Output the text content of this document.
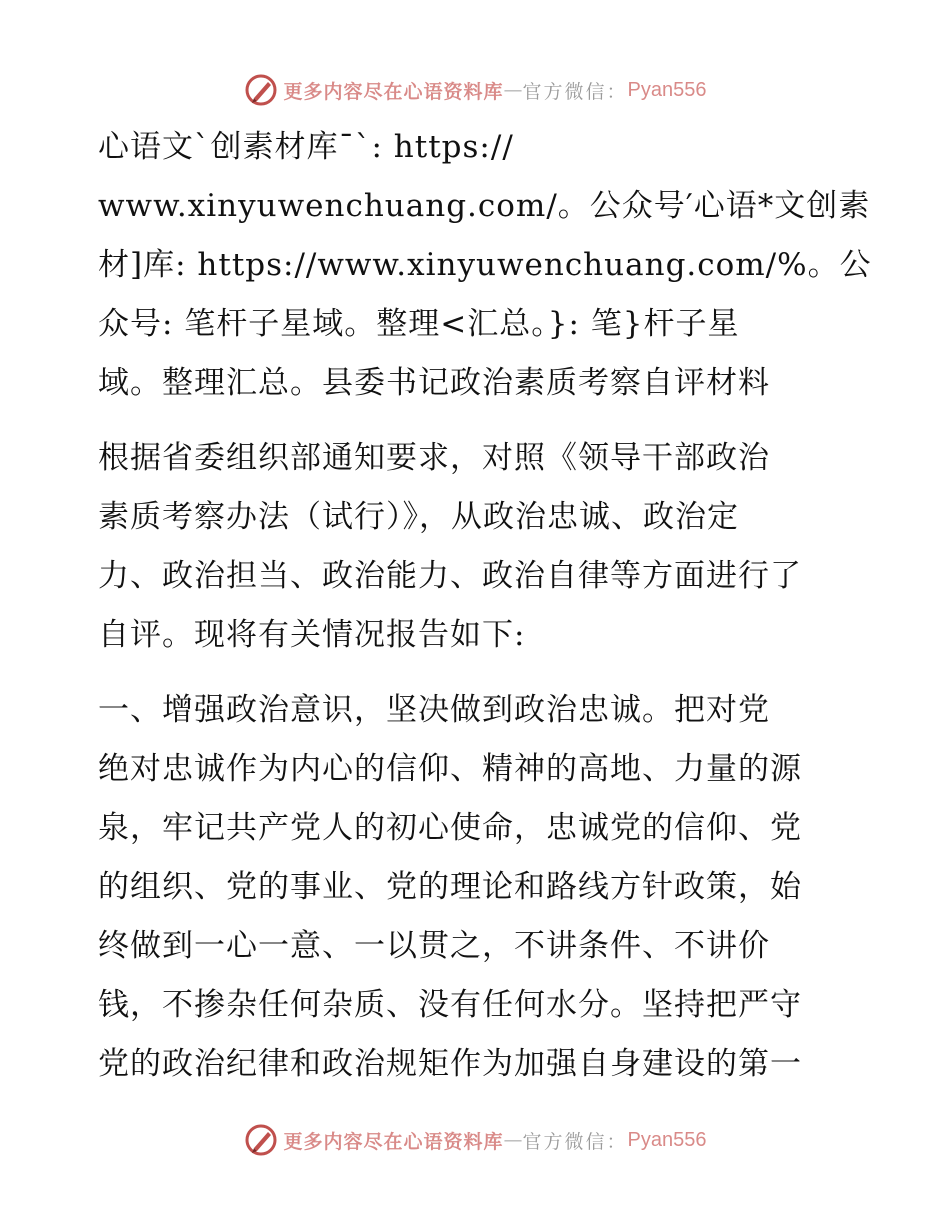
更多内容尽在心语资料库 — 官方微信： Pyan556
心语文`创素材库¯`: https://
www.xinyuwenchuang.com/。公众号′心语*文创素
材]库: https://www.xinyuwenchuang.com/%。公
众号: 笔杆子星域。整理<汇总。}: 笔}杆子星
域。整理汇总。县委书记政治素质考察自评材料
根据省委组织部通知要求，对照《领导干部政治
素质考察办法（试行）》，从政治忠诚、政治定
力、政治担当、政治能力、政治自律等方面进行了
自评。现将有关情况报告如下:
一、增强政治意识，坚决做到政治忠诚。把对党
绝对忠诚作为内心的信仰、精神的高地、力量的源
泉，牢记共产党人的初心使命，忠诚党的信仰、党
的组织、党的事业、党的理论和路线方针政策，始
终做到一心一意、一以贯之，不讲条件、不讲价
钱，不掺杂任何杂质、没有任何水分。坚持把严守
党的政治纪律和政治规矩作为加强自身建设的第一
更多内容尽在心语资料库 — 官方微信： Pyan556
